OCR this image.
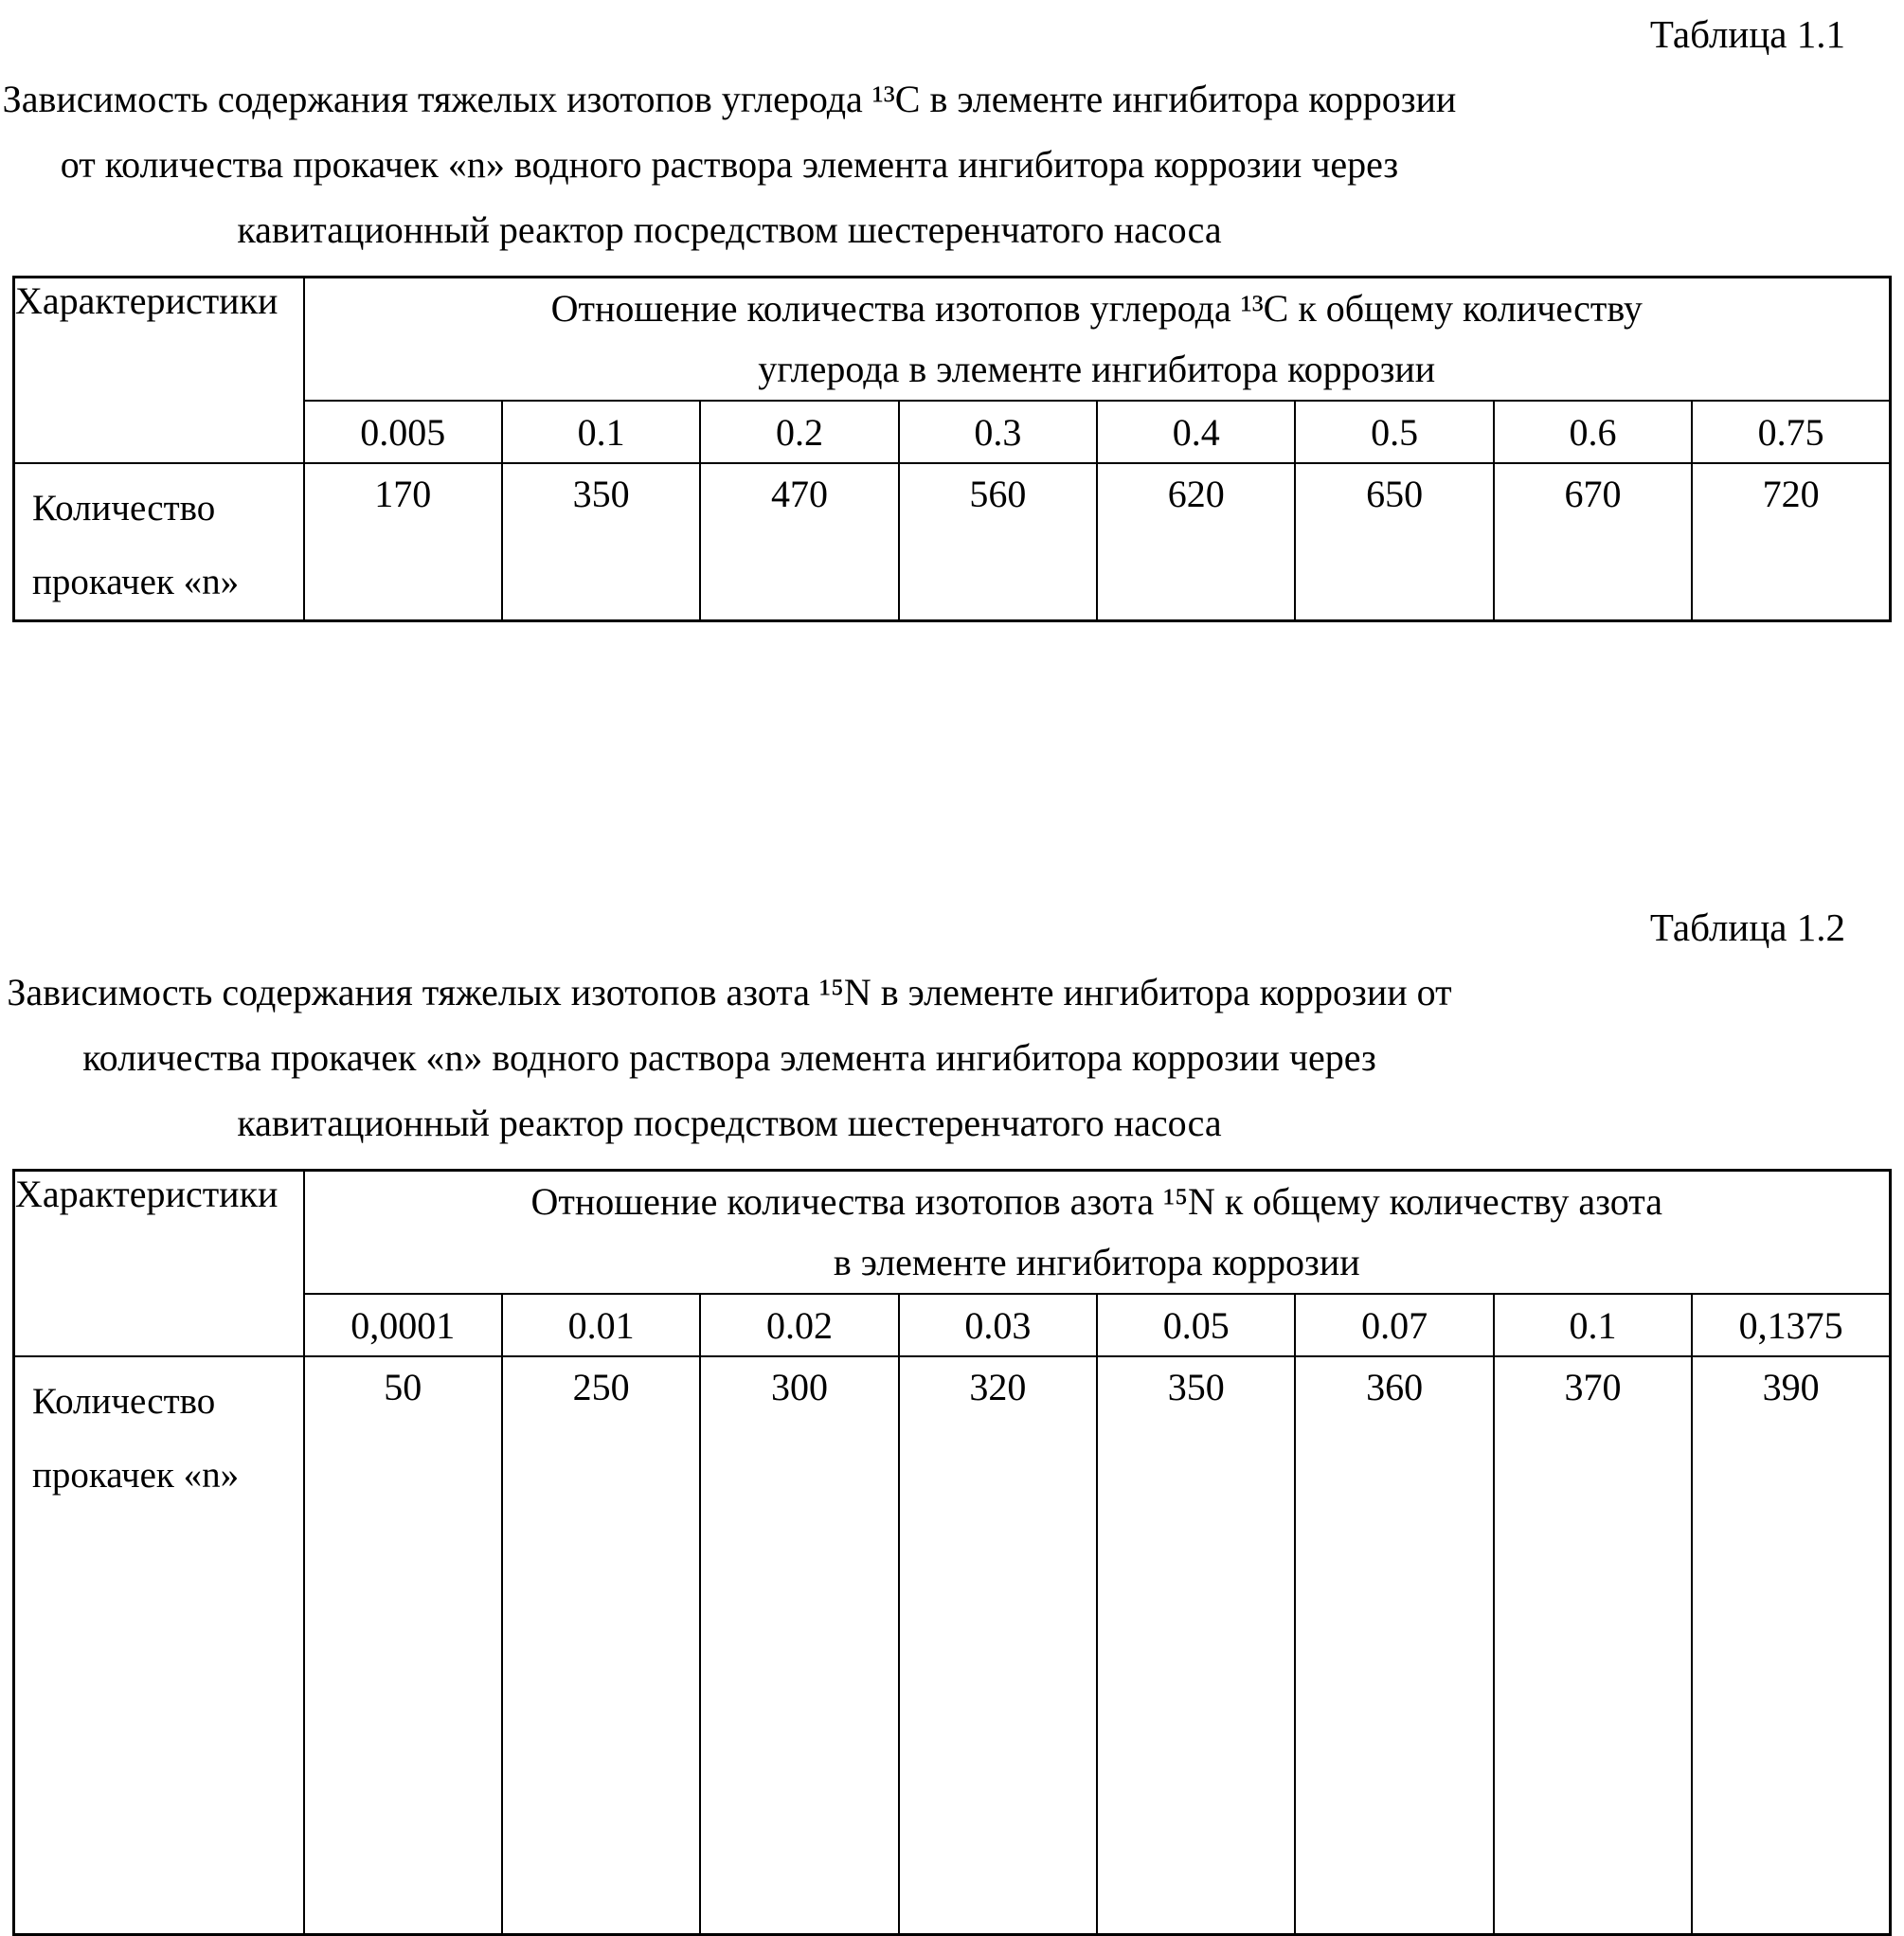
Таблица 1.1
Зависимость содержания тяжелых изотопов углерода ¹³C в элементе ингибитора коррозии
от количества прокачек «n» водного раствора элемента ингибитора коррозии через
кавитационный реактор посредством шестеренчатого насоса
Характеристики	Отношение количества изотопов углерода ¹³C к общему количеству
углерода в элементе ингибитора коррозии							

	0.005	0.1	0.2	0.3	0.4	0.5	0.6	0.75

Количество
прокачек «n»	170	350	470	560	620	650	670	720
Таблица 1.2
Зависимость содержания тяжелых изотопов азота ¹⁵N в элементе ингибитора коррозии от
количества прокачек «n» водного раствора элемента ингибитора коррозии через
кавитационный реактор посредством шестеренчатого насоса
Характеристики	Отношение количества изотопов азота ¹⁵N к общему количеству азота
в элементе ингибитора коррозии							

	0,0001	0.01	0.02	0.03	0.05	0.07	0.1	0,1375

Количество
прокачек «n»	50	250	300	320	350	360	370	390
